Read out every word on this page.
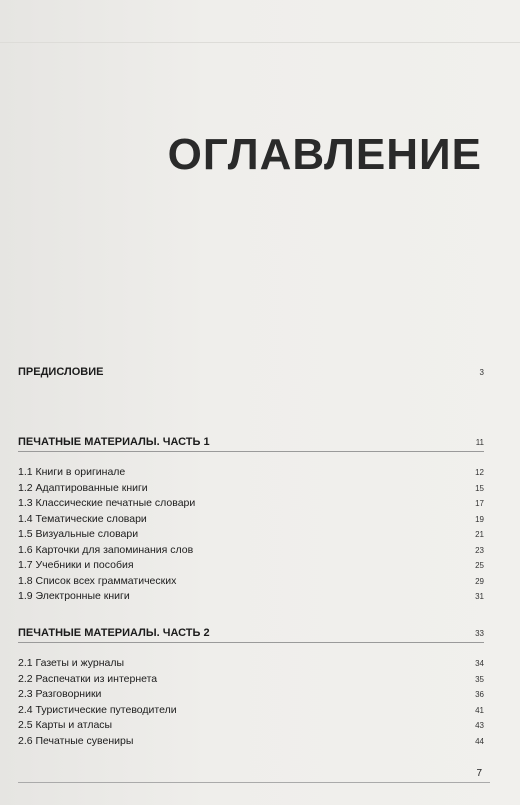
ОГЛАВЛЕНИЕ
ПРЕДИСЛОВИЕ	3
ПЕЧАТНЫЕ МАТЕРИАЛЫ. ЧАСТЬ 1	11
1.1 Книги в оригинале	12
1.2 Адаптированные книги	15
1.3 Классические печатные словари	17
1.4 Тематические словари	19
1.5 Визуальные словари	21
1.6 Карточки для запоминания слов	23
1.7 Учебники и пособия	25
1.8 Список всех грамматических	29
1.9 Электронные книги	31
ПЕЧАТНЫЕ МАТЕРИАЛЫ. ЧАСТЬ 2	33
2.1 Газеты и журналы	34
2.2 Распечатки из интернета	35
2.3 Разговорники	36
2.4 Туристические путеводители	41
2.5 Карты и атласы	43
2.6 Печатные сувениры	44
7
